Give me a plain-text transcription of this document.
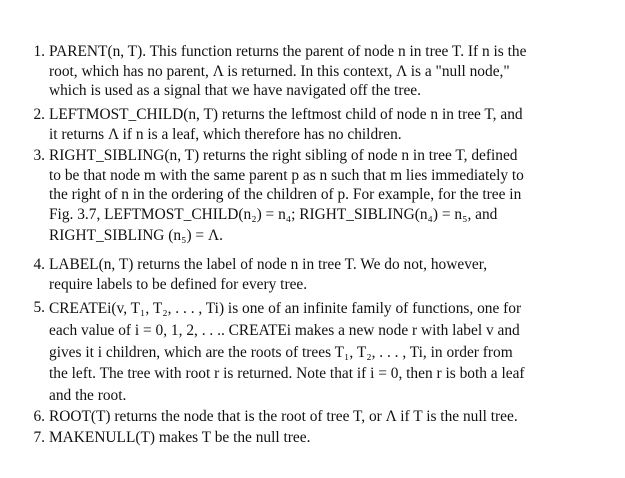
1. PARENT(n, T). This function returns the parent of node n in tree T. If n is the
root, which has no parent, Λ is returned. In this context, Λ is a "null node,"
which is used as a signal that we have navigated off the tree.
2. LEFTMOST_CHILD(n, T) returns the leftmost child of node n in tree T, and
it returns Λ if n is a leaf, which therefore has no children.
3. RIGHT_SIBLING(n, T) returns the right sibling of node n in tree T, defined
to be that node m with the same parent p as n such that m lies immediately to
the right of n in the ordering of the children of p. For example, for the tree in
Fig. 3.7, LEFTMOST_CHILD(n₂) = n₄; RIGHT_SIBLING(n₄) = n₅, and
RIGHT_SIBLING (n₅) = Λ.
4. LABEL(n, T) returns the label of node n in tree T. We do not, however,
require labels to be defined for every tree.
5. CREATEi(v, T₁, T₂, . . . , Ti) is one of an infinite family of functions, one for
each value of i = 0, 1, 2, . . .. CREATEi makes a new node r with label v and
gives it i children, which are the roots of trees T₁, T₂, . . . , Ti, in order from
the left. The tree with root r is returned. Note that if i = 0, then r is both a leaf
and the root.
6. ROOT(T) returns the node that is the root of tree T, or Λ if T is the null tree.
7. MAKENULL(T) makes T be the null tree.
